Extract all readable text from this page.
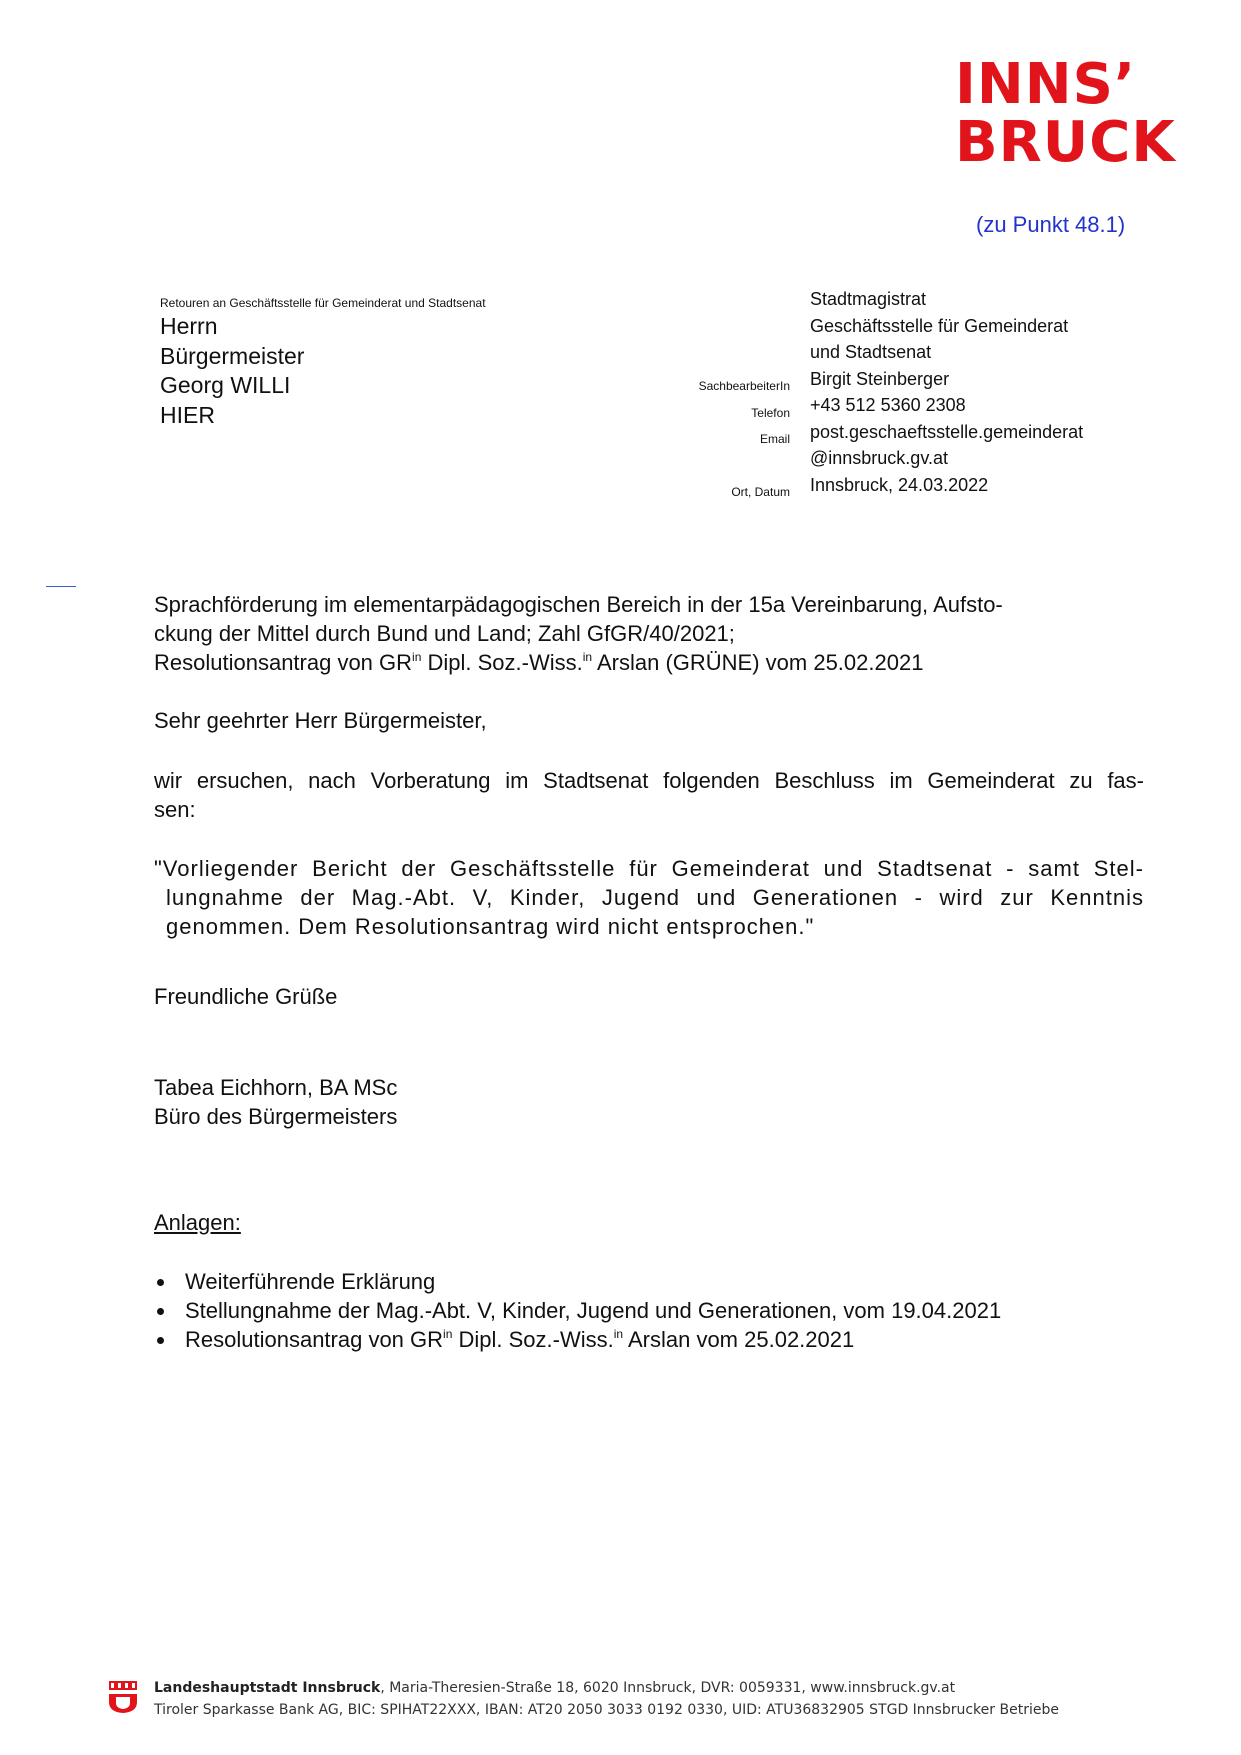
INNS’
BRUCK
(zu Punkt 48.1)
Retouren an Geschäftsstelle für Gemeinderat und Stadtsenat
Herrn
Bürgermeister
Georg WILLI
HIER
SachbearbeiterIn
Telefon
Email
Ort, Datum
Stadtmagistrat
Geschäftsstelle für Gemeinderat
und Stadtsenat
Birgit Steinberger
+43 512 5360 2308
post.geschaeftsstelle.gemeinderat
@innsbruck.gv.at
Innsbruck, 24.03.2022
Sprachförderung im elementarpädagogischen Bereich in der 15a Vereinbarung, Aufsto-
ckung der Mittel durch Bund und Land; Zahl GfGR/40/2021;
Resolutionsantrag von $GR^{in}$ Dipl. Soz.-Wiss.$^{in}$ Arslan (GRÜNE) vom 25.02.2021
Sehr geehrter Herr Bürgermeister,
wir ersuchen, nach Vorberatung im Stadtsenat folgenden Beschluss im Gemeinderat zu fas-
sen:
"Vorliegender Bericht der Geschäftsstelle für Gemeinderat und Stadtsenat - samt Stel-
lungnahme der Mag.-Abt. V, Kinder, Jugend und Generationen - wird zur Kenntnis
genommen. Dem Resolutionsantrag wird nicht entsprochen."
Freundliche Grüße
Tabea Eichhorn, BA MSc
Büro des Bürgermeisters
Anlagen:
Weiterführende Erklärung
Stellungnahme der Mag.-Abt. V, Kinder, Jugend und Generationen, vom 19.04.2021
Resolutionsantrag von $GR^{in}$ Dipl. Soz.-Wiss.$^{in}$ Arslan vom 25.02.2021
Landeshauptstadt Innsbruck, Maria-Theresien-Straße 18, 6020 Innsbruck, DVR: 0059331, www.innsbruck.gv.at
Tiroler Sparkasse Bank AG, BIC: SPIHAT22XXX, IBAN: AT20 2050 3033 0192 0330, UID: ATU36832905 STGD Innsbrucker Betriebe
